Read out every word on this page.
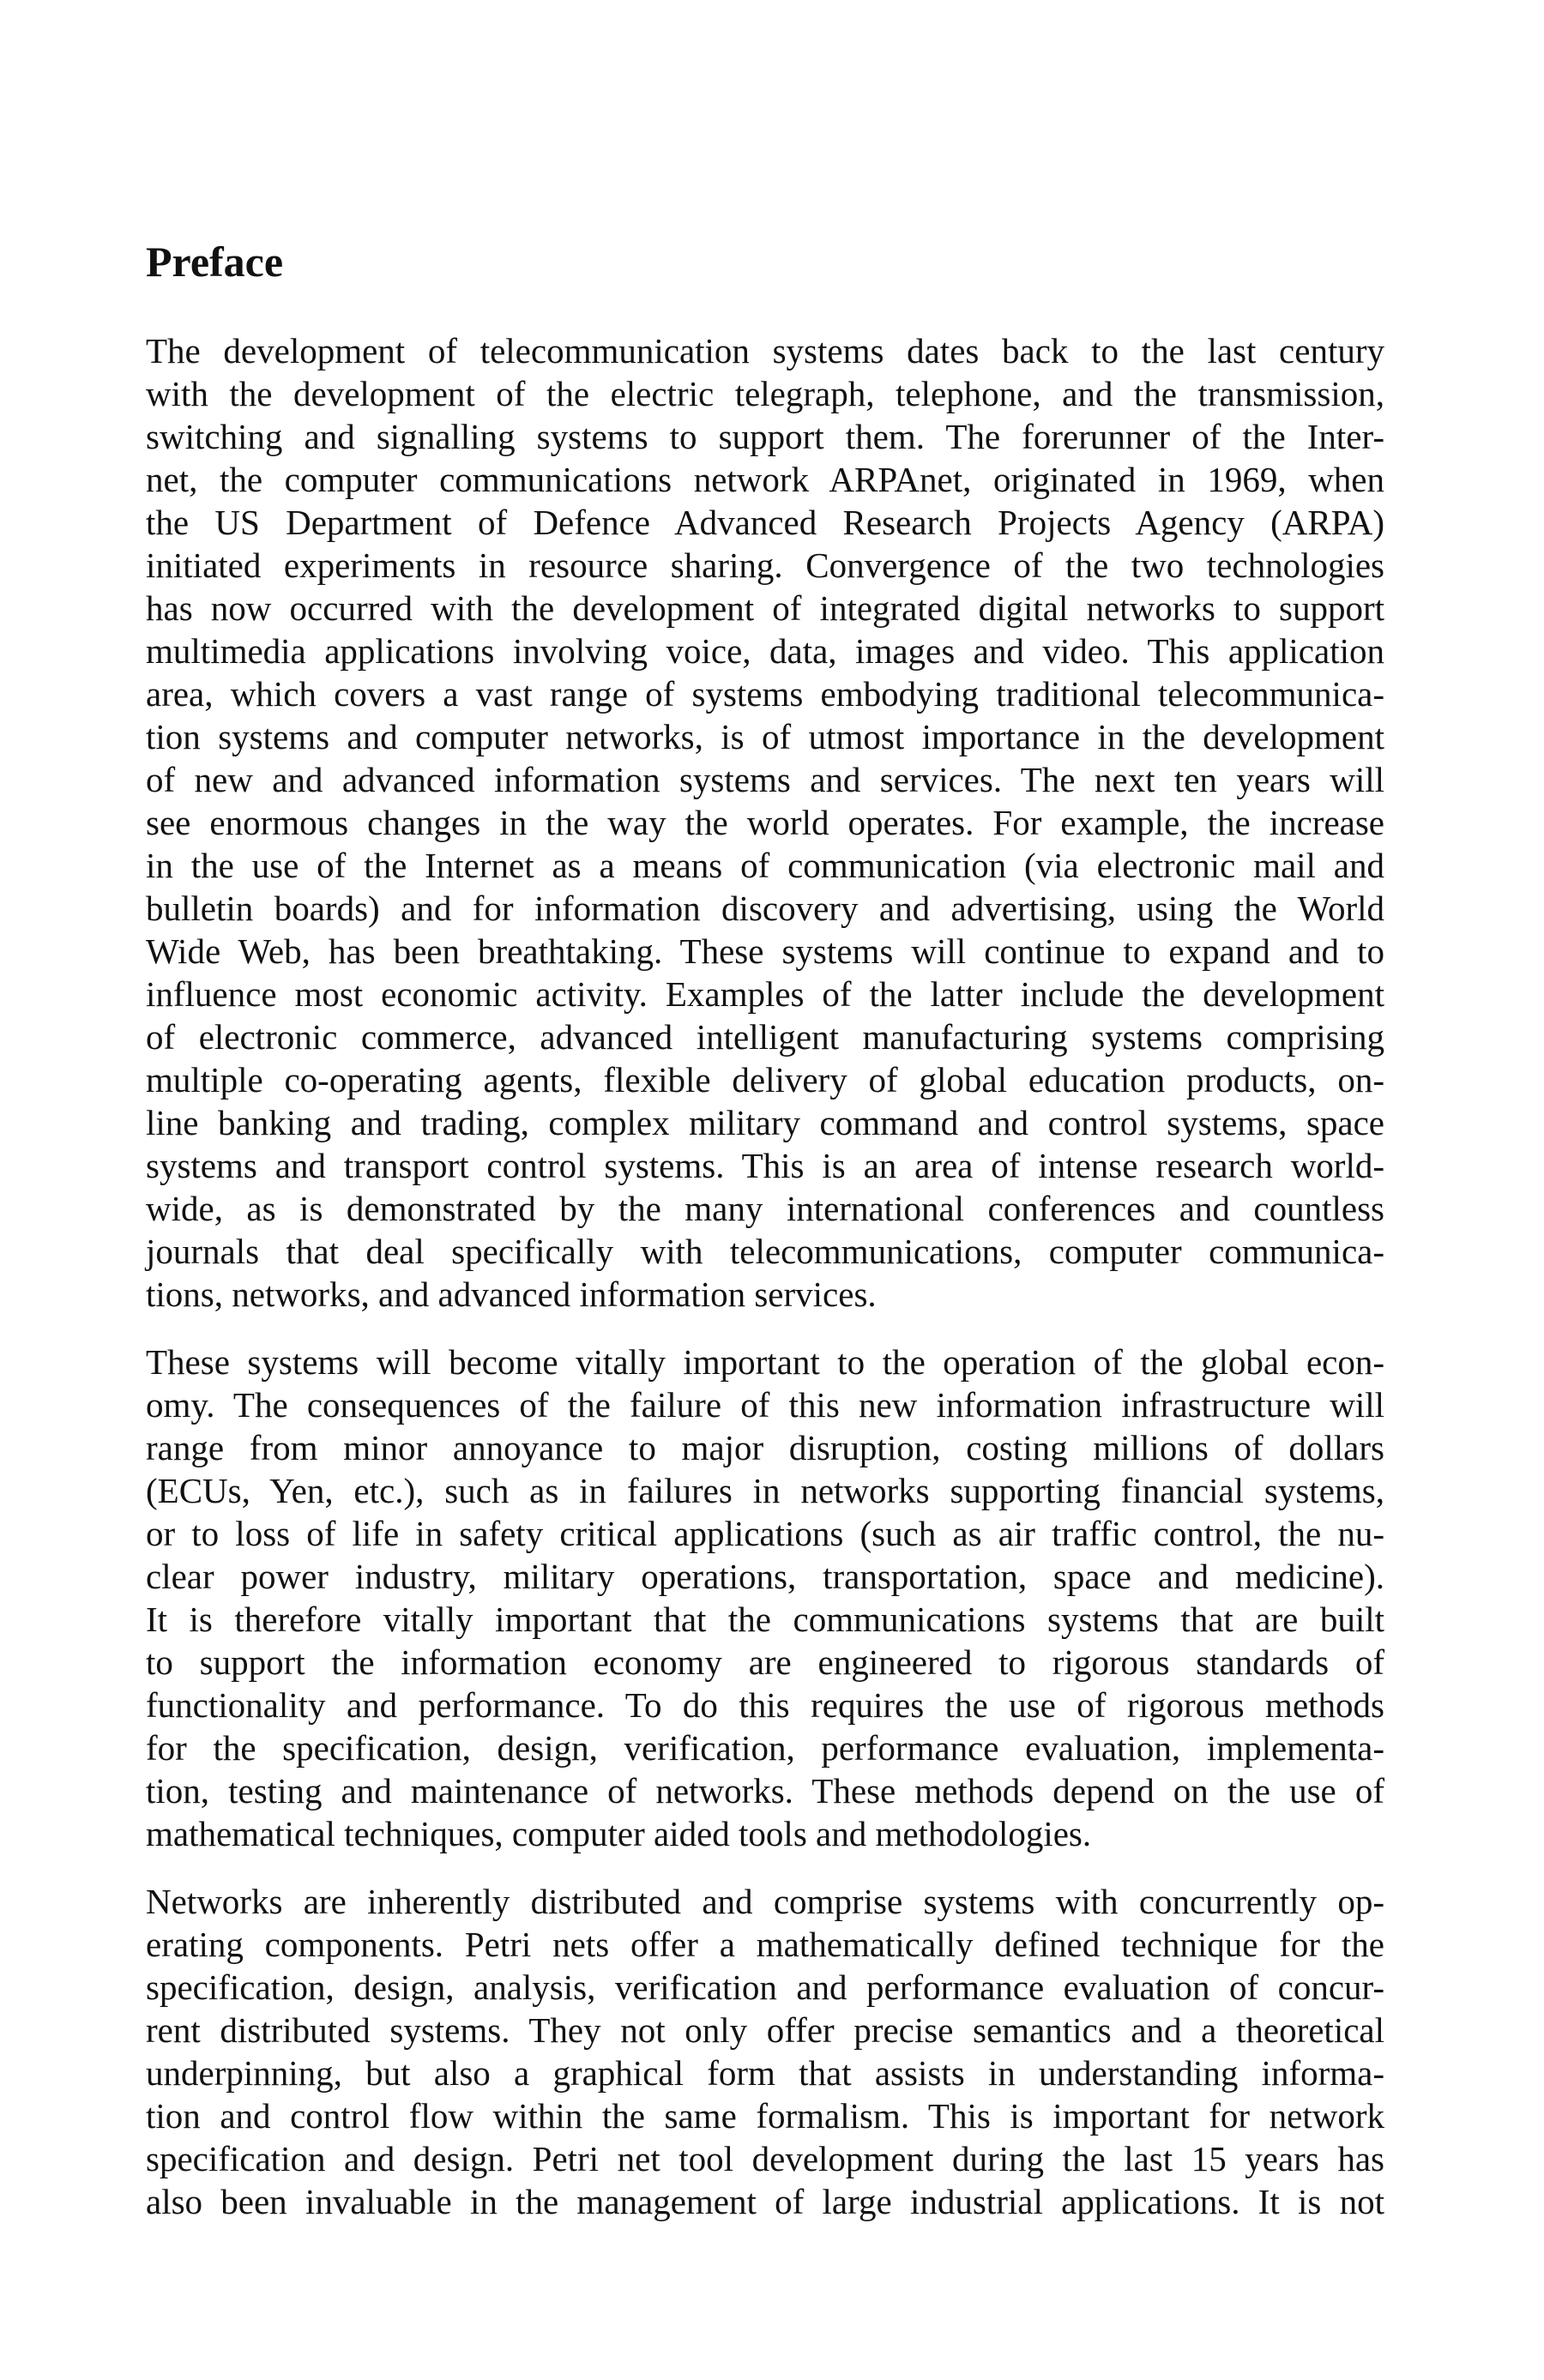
Preface

The development of telecommunication systems dates back to the last century
with the development of the electric telegraph, telephone, and the transmission,
switching and signalling systems to support them. The forerunner of the Inter-
net, the computer communications network ARPAnet, originated in 1969, when
the US Department of Defence Advanced Research Projects Agency (ARPA)
initiated experiments in resource sharing. Convergence of the two technologies
has now occurred with the development of integrated digital networks to support
multimedia applications involving voice, data, images and video. This application
area, which covers a vast range of systems embodying traditional telecommunica-
tion systems and computer networks, is of utmost importance in the development
of new and advanced information systems and services. The next ten years will
see enormous changes in the way the world operates. For example, the increase
in the use of the Internet as a means of communication (via electronic mail and
bulletin boards) and for information discovery and advertising, using the World
Wide Web, has been breathtaking. These systems will continue to expand and to
influence most economic activity. Examples of the latter include the development
of electronic commerce, advanced intelligent manufacturing systems comprising
multiple co-operating agents, flexible delivery of global education products, on-
line banking and trading, complex military command and control systems, space
systems and transport control systems. This is an area of intense research world-
wide, as is demonstrated by the many international conferences and countless
journals that deal specifically with telecommunications, computer communica-
tions, networks, and advanced information services.

These systems will become vitally important to the operation of the global econ-
omy. The consequences of the failure of this new information infrastructure will
range from minor annoyance to major disruption, costing millions of dollars
(ECUs, Yen, etc.), such as in failures in networks supporting financial systems,
or to loss of life in safety critical applications (such as air traffic control, the nu-
clear power industry, military operations, transportation, space and medicine).
It is therefore vitally important that the communications systems that are built
to support the information economy are engineered to rigorous standards of
functionality and performance. To do this requires the use of rigorous methods
for the specification, design, verification, performance evaluation, implementa-
tion, testing and maintenance of networks. These methods depend on the use of
mathematical techniques, computer aided tools and methodologies.

Networks are inherently distributed and comprise systems with concurrently op-
erating components. Petri nets offer a mathematically defined technique for the
specification, design, analysis, verification and performance evaluation of concur-
rent distributed systems. They not only offer precise semantics and a theoretical
underpinning, but also a graphical form that assists in understanding informa-
tion and control flow within the same formalism. This is important for network
specification and design. Petri net tool development during the last 15 years has
also been invaluable in the management of large industrial applications. It is not
